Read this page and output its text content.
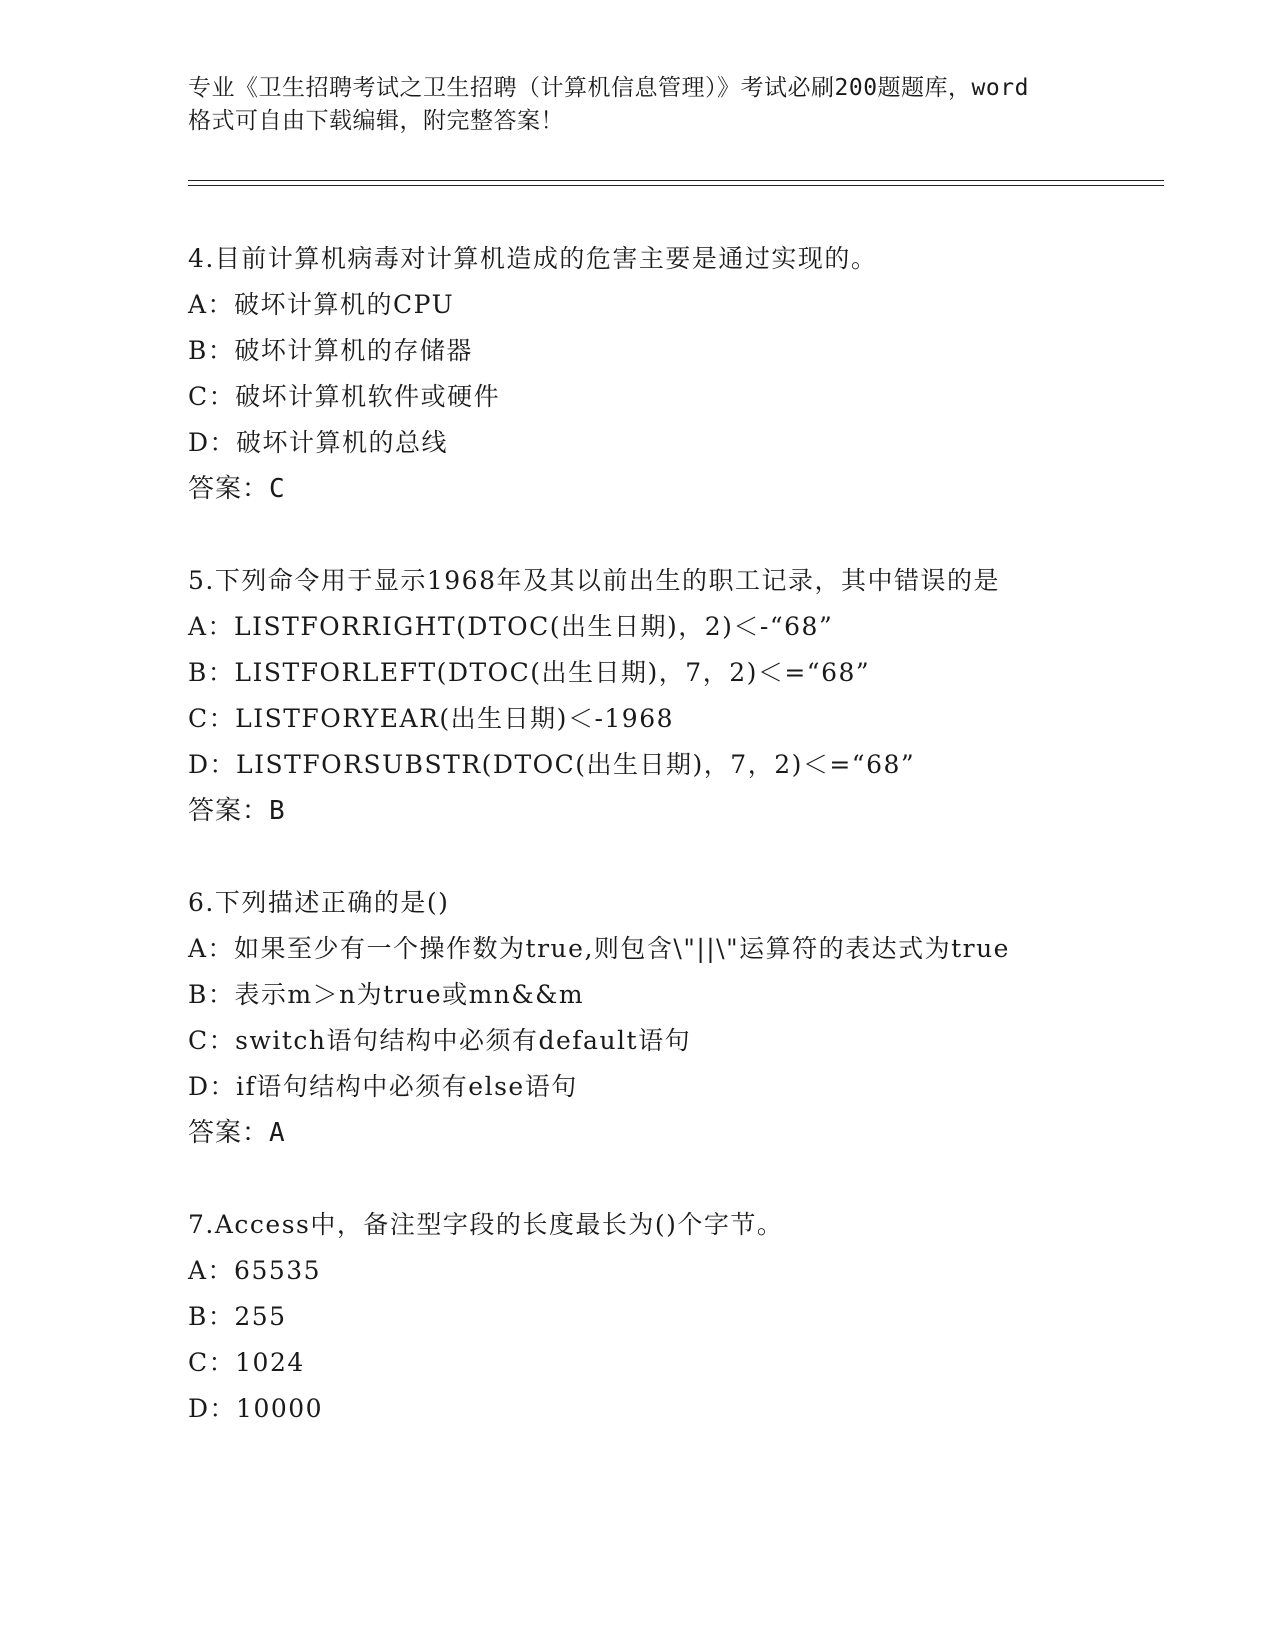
专业《卫生招聘考试之卫生招聘（计算机信息管理）》考试必刷200题题库，word
格式可自由下载编辑，附完整答案！
4.目前计算机病毒对计算机造成的危害主要是通过实现的。
A：破坏计算机的CPU
B：破坏计算机的存储器
C：破坏计算机软件或硬件
D：破坏计算机的总线
答案：C
5.下列命令用于显示1968年及其以前出生的职工记录，其中错误的是
A：LISTFORRIGHT(DTOC(出生日期)，2)＜-“68”
B：LISTFORLEFT(DTOC(出生日期)，7，2)＜=“68”
C：LISTFORYEAR(出生日期)＜-1968
D：LISTFORSUBSTR(DTOC(出生日期)，7，2)＜=“68”
答案：B
6.下列描述正确的是()
A：如果至少有一个操作数为true,则包含\"||\"运算符的表达式为true
B：表示m＞n为true或mn&&m
C：switch语句结构中必须有default语句
D：if语句结构中必须有else语句
答案：A
7.Access中，备注型字段的长度最长为()个字节。
A：65535
B：255
C：1024
D：10000
